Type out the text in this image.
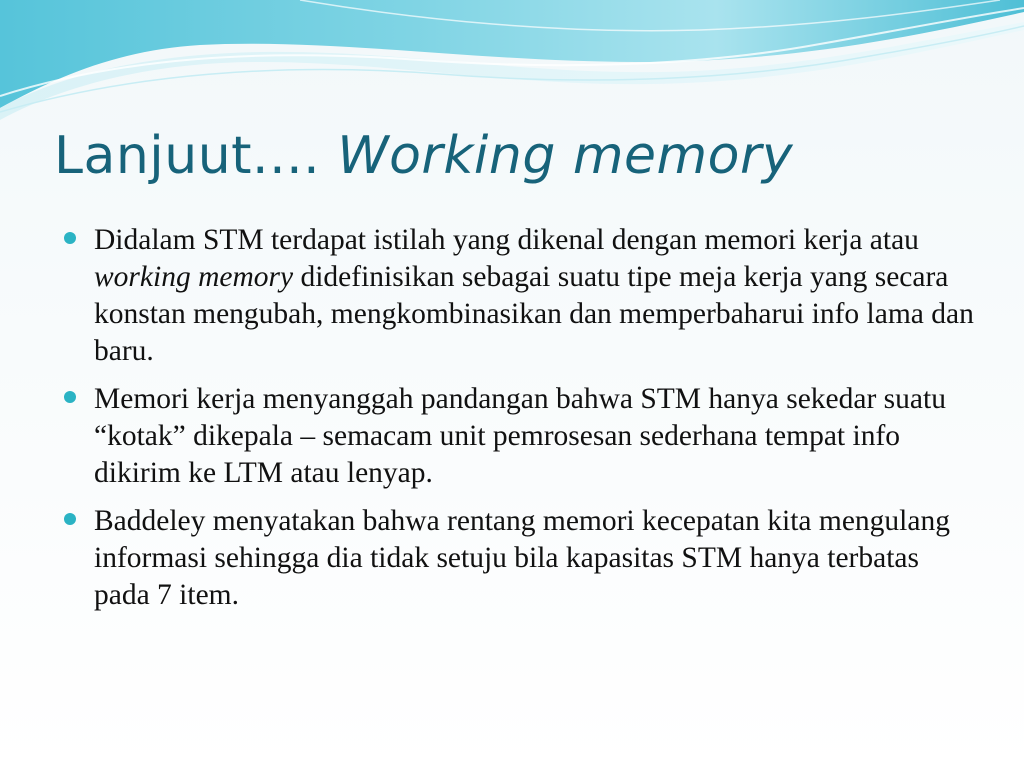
Lanjuut.... Working memory
Didalam STM terdapat istilah yang dikenal dengan memori kerja atau working memory didefinisikan sebagai suatu tipe meja kerja yang secara konstan mengubah, mengkombinasikan dan memperbaharui info lama dan baru.
Memori kerja menyanggah pandangan bahwa STM hanya sekedar suatu “kotak” dikepala – semacam unit pemrosesan sederhana tempat info dikirim ke LTM atau lenyap.
Baddeley menyatakan bahwa rentang memori kecepatan kita mengulang informasi sehingga dia tidak setuju bila kapasitas STM hanya terbatas pada 7 item.
